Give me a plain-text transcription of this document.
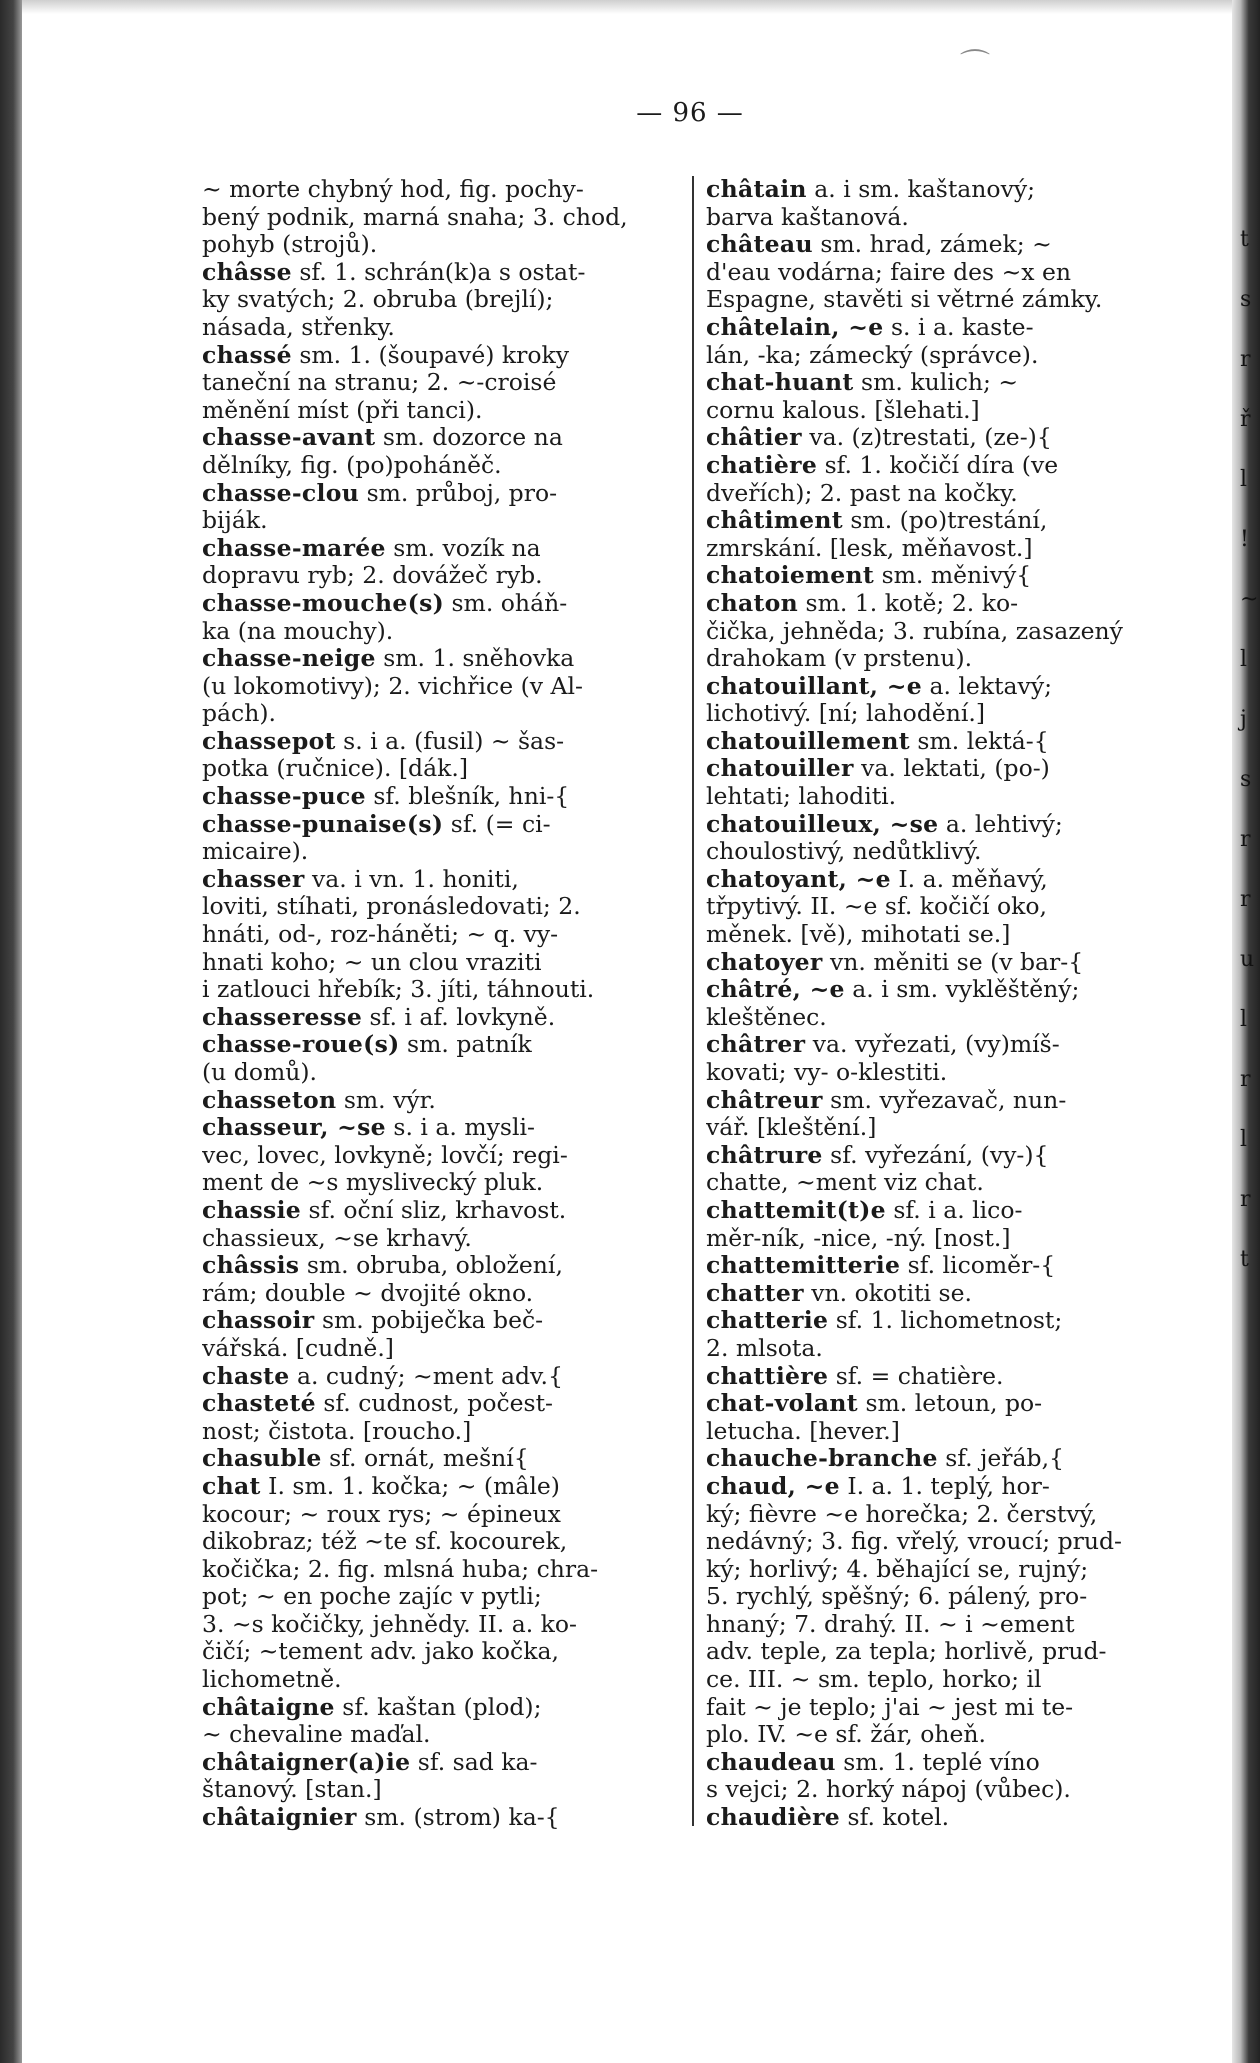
— 96 —
~ morte chybný hod, fig. pochy-
bený podnik, marná snaha; 3. chod,
pohyb (strojů).
châsse sf. 1. schrán(k)a s ostat-
ky svatých; 2. obruba (brejlí);
násada, střenky.
chassé sm. 1. (šoupavé) kroky
taneční na stranu; 2. ~-croisé
měnění míst (při tanci).
chasse-avant sm. dozorce na
dělníky, fig. (po)poháněč.
chasse-clou sm. průboj, pro-
biják.
chasse-marée sm. vozík na
dopravu ryb; 2. dovážeč ryb.
chasse-mouche(s) sm. oháň-
ka (na mouchy).
chasse-neige sm. 1. sněhovka
(u lokomotivy); 2. vichřice (v Al-
pách).
chassepot s. i a. (fusil) ~ šas-
potka (ručnice). [dák.]
chasse-puce sf. blešník, hni-{
chasse-punaise(s) sf. (= ci-
micaire).
chasser va. i vn. 1. honiti,
loviti, stíhati, pronásledovati; 2.
hnáti, od-, roz-háněti; ~ q. vy-
hnati koho; ~ un clou vraziti
i zatlouci hřebík; 3. jíti, táhnouti.
chasseresse sf. i af. lovkyně.
chasse-roue(s) sm. patník
(u domů).
chasseton sm. výr.
chasseur, ~se s. i a. mysli-
vec, lovec, lovkyně; lovčí; regi-
ment de ~s myslivecký pluk.
chassie sf. oční sliz, krhavost.
chassieux, ~se krhavý.
châssis sm. obruba, obložení,
rám; double ~ dvojité okno.
chassoir sm. pobiječka beč-
vářská. [cudně.]
chaste a. cudný; ~ment adv.{
chasteté sf. cudnost, počest-
nost; čistota. [roucho.]
chasuble sf. ornát, mešní{
chat I. sm. 1. kočka; ~ (mâle)
kocour; ~ roux rys; ~ épineux
dikobraz; též ~te sf. kocourek,
kočička; 2. fig. mlsná huba; chra-
pot; ~ en poche zajíc v pytli;
3. ~s kočičky, jehnědy. II. a. ko-
čičí; ~tement adv. jako kočka,
lichometně.
châtaigne sf. kaštan (plod);
~ chevaline maďal.
châtaigner(a)ie sf. sad ka-
štanový. [stan.]
châtaignier sm. (strom) ka-{
châtain a. i sm. kaštanový;
barva kaštanová.
château sm. hrad, zámek; ~
d'eau vodárna; faire des ~x en
Espagne, stavěti si větrné zámky.
châtelain, ~e s. i a. kaste-
lán, -ka; zámecký (správce).
chat-huant sm. kulich; ~
cornu kalous. [šlehati.]
châtier va. (z)trestati, (ze-){
chatière sf. 1. kočičí díra (ve
dveřích); 2. past na kočky.
châtiment sm. (po)trestání,
zmrskání. [lesk, měňavost.]
chatoiement sm. měnivý{
chaton sm. 1. kotě; 2. ko-
čička, jehněda; 3. rubína, zasazený
drahokam (v prstenu).
chatouillant, ~e a. lektavý;
lichotivý. [ní; lahodění.]
chatouillement sm. lektá-{
chatouiller va. lektati, (po-)
lehtati; lahoditi.
chatouilleux, ~se a. lehtivý;
choulostivý, nedůtklivý.
chatoyant, ~e I. a. měňavý,
třpytivý. II. ~e sf. kočičí oko,
měnek. [vě), mihotati se.]
chatoyer vn. měniti se (v bar-{
châtré, ~e a. i sm. vyklěštěný;
kleštěnec.
châtrer va. vyřezati, (vy)míš-
kovati; vy- o-klestiti.
châtreur sm. vyřezavač, nun-
vář. [kleštění.]
châtrure sf. vyřezání, (vy-){
chatte, ~ment viz chat.
chattemit(t)e sf. i a. lico-
měr-ník, -nice, -ný. [nost.]
chattemitterie sf. licoměr-{
chatter vn. okotiti se.
chatterie sf. 1. lichometnost;
2. mlsota.
chattière sf. = chatière.
chat-volant sm. letoun, po-
letucha. [hever.]
chauche-branche sf. jeřáb,{
chaud, ~e I. a. 1. teplý, hor-
ký; fièvre ~e horečka; 2. čerstvý,
nedávný; 3. fig. vřelý, vroucí; prud-
ký; horlivý; 4. běhající se, rujný;
5. rychlý, spěšný; 6. pálený, pro-
hnaný; 7. drahý. II. ~ i ~ement
adv. teple, za tepla; horlivě, prud-
ce. III. ~ sm. teplo, horko; il
fait ~ je teplo; j'ai ~ jest mi te-
plo. IV. ~e sf. žár, oheň.
chaudeau sm. 1. teplé víno
s vejci; 2. horký nápoj (vůbec).
chaudière sf. kotel.
t
s
r
ř
l
!
~
l
j
s
r
r
u
l
r
l
r
t
⌒
